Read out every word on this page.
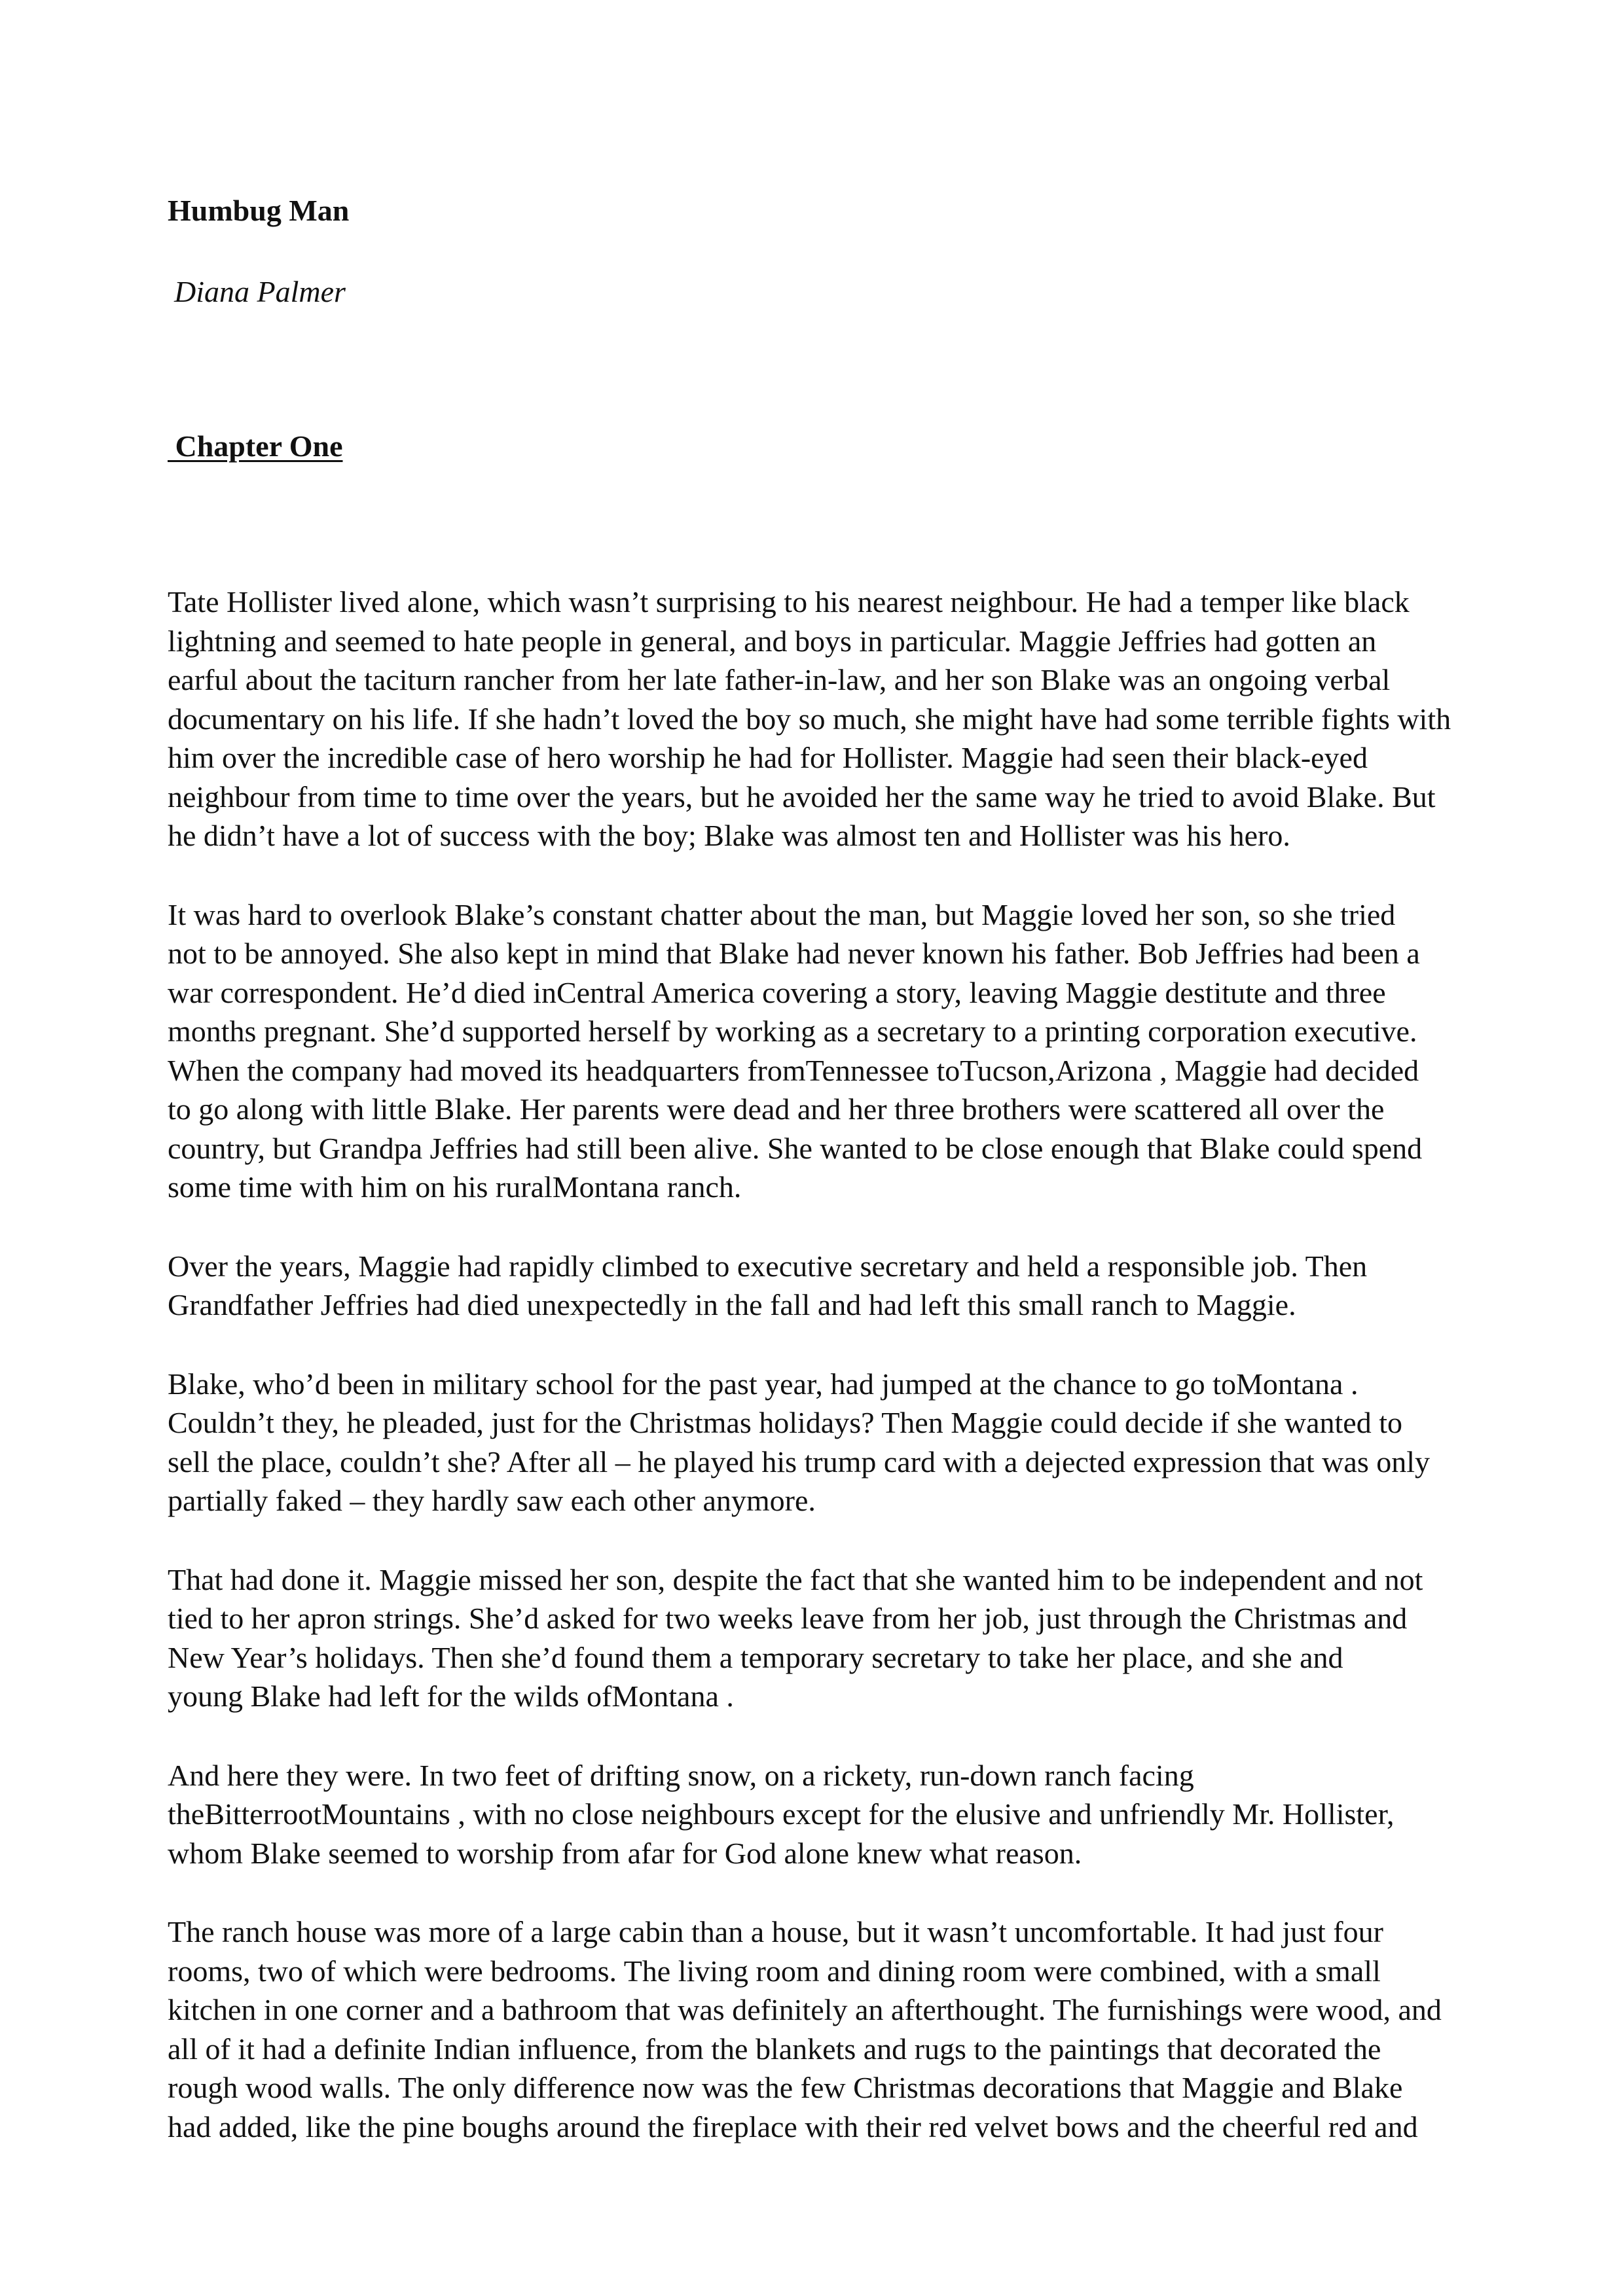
Humbug Man

Diana Palmer

Chapter One

Tate Hollister lived alone, which wasn’t surprising to his nearest neighbour. He had a temper like black
lightning and seemed to hate people in general, and boys in particular. Maggie Jeffries had gotten an
earful about the taciturn rancher from her late father-in-law, and her son Blake was an ongoing verbal
documentary on his life. If she hadn’t loved the boy so much, she might have had some terrible fights with
him over the incredible case of hero worship he had for Hollister. Maggie had seen their black-eyed
neighbour from time to time over the years, but he avoided her the same way he tried to avoid Blake. But
he didn’t have a lot of success with the boy; Blake was almost ten and Hollister was his hero.

It was hard to overlook Blake’s constant chatter about the man, but Maggie loved her son, so she tried
not to be annoyed. She also kept in mind that Blake had never known his father. Bob Jeffries had been a
war correspondent. He’d died inCentral America covering a story, leaving Maggie destitute and three
months pregnant. She’d supported herself by working as a secretary to a printing corporation executive.
When the company had moved its headquarters fromTennessee toTucson,Arizona , Maggie had decided
to go along with little Blake. Her parents were dead and her three brothers were scattered all over the
country, but Grandpa Jeffries had still been alive. She wanted to be close enough that Blake could spend
some time with him on his ruralMontana ranch.

Over the years, Maggie had rapidly climbed to executive secretary and held a responsible job. Then
Grandfather Jeffries had died unexpectedly in the fall and had left this small ranch to Maggie.

Blake, who’d been in military school for the past year, had jumped at the chance to go toMontana .
Couldn’t they, he pleaded, just for the Christmas holidays? Then Maggie could decide if she wanted to
sell the place, couldn’t she? After all – he played his trump card with a dejected expression that was only
partially faked – they hardly saw each other anymore.

That had done it. Maggie missed her son, despite the fact that she wanted him to be independent and not
tied to her apron strings. She’d asked for two weeks leave from her job, just through the Christmas and
New Year’s holidays. Then she’d found them a temporary secretary to take her place, and she and
young Blake had left for the wilds ofMontana .

And here they were. In two feet of drifting snow, on a rickety, run-down ranch facing
theBitterrootMountains , with no close neighbours except for the elusive and unfriendly Mr. Hollister,
whom Blake seemed to worship from afar for God alone knew what reason.

The ranch house was more of a large cabin than a house, but it wasn’t uncomfortable. It had just four
rooms, two of which were bedrooms. The living room and dining room were combined, with a small
kitchen in one corner and a bathroom that was definitely an afterthought. The furnishings were wood, and
all of it had a definite Indian influence, from the blankets and rugs to the paintings that decorated the
rough wood walls. The only difference now was the few Christmas decorations that Maggie and Blake
had added, like the pine boughs around the fireplace with their red velvet bows and the cheerful red and
